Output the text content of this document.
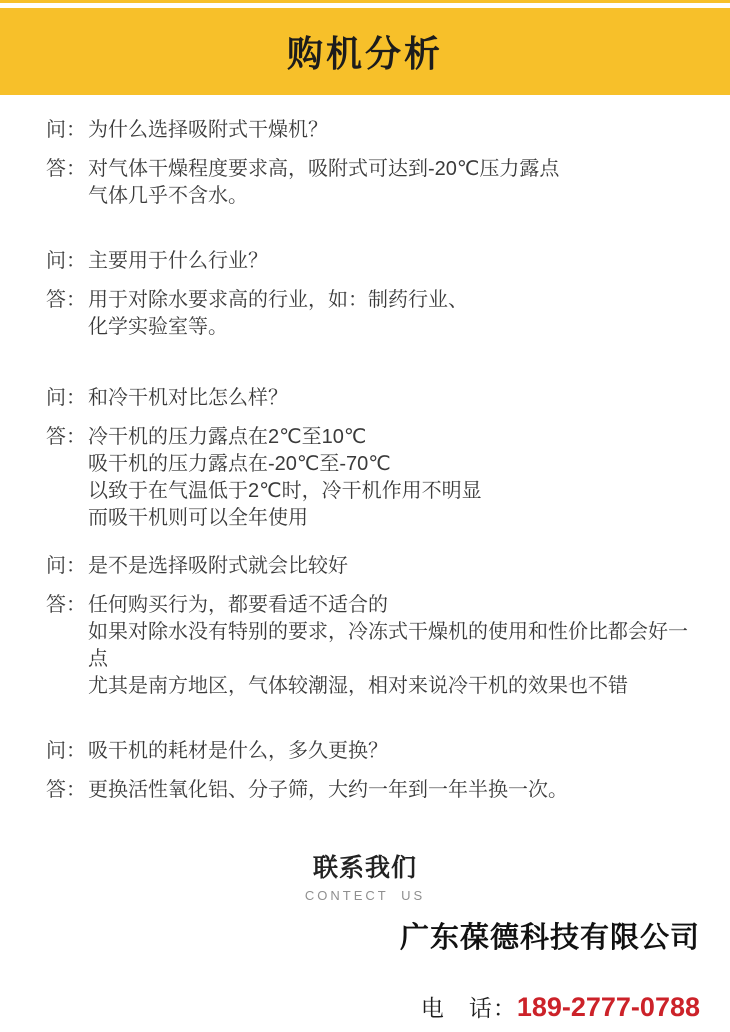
购机分析
问： 为什么选择吸附式干燥机？

答： 对气体干燥程度要求高，吸附式可达到-20℃压力露点

气体几乎不含水。

问： 主要用于什么行业？

答： 用于对除水要求高的行业，如：制药行业、

化学实验室等。

问： 和冷干机对比怎么样？

答： 冷干机的压力露点在2℃至10℃

吸干机的压力露点在-20℃至-70℃

以致于在气温低于2℃时，冷干机作用不明显

而吸干机则可以全年使用

问： 是不是选择吸附式就会比较好

答： 任何购买行为，都要看适不适合的

如果对除水没有特别的要求，冷冻式干燥机的使用和性价比都会好一点

尤其是南方地区，气体较潮湿，相对来说冷干机的效果也不错

问： 吸干机的耗材是什么，多久更换？

答： 更换活性氧化铝、分子筛，大约一年到一年半换一次。

联系我们
CONTECT US
广东葆德科技有限公司
电　话：189-2777-0788
